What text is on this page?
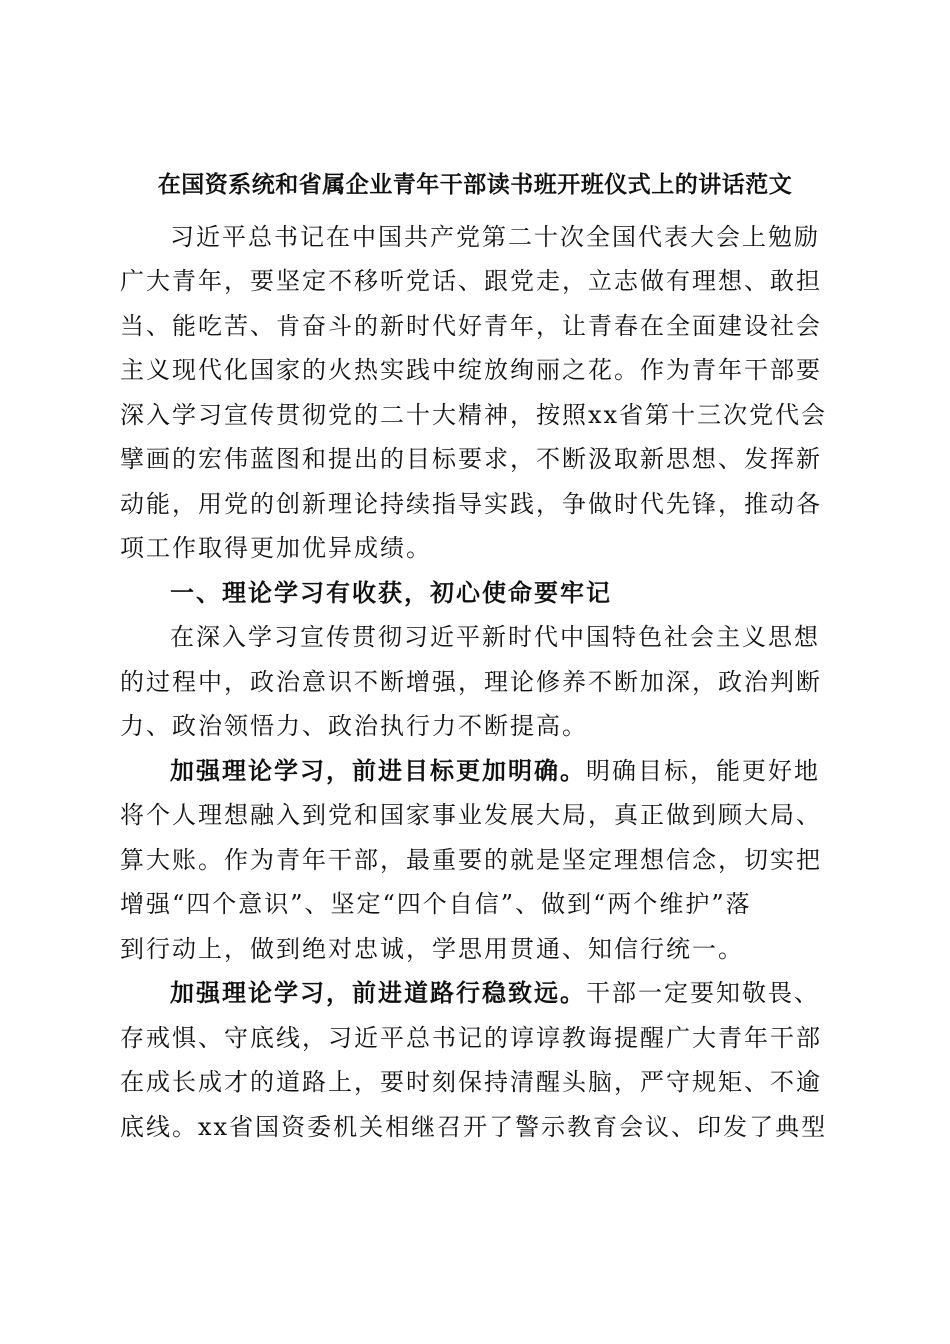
在国资系统和省属企业青年干部读书班开班仪式上的讲话范文
习近平总书记在中国共产党第二十次全国代表大会上勉励
广大青年，要坚定不移听党话、跟党走，立志做有理想、敢担
当、能吃苦、肯奋斗的新时代好青年，让青春在全面建设社会
主义现代化国家的火热实践中绽放绚丽之花。作为青年干部要
深入学习宣传贯彻党的二十大精神，按照xx省第十三次党代会
擘画的宏伟蓝图和提出的目标要求，不断汲取新思想、发挥新
动能，用党的创新理论持续指导实践，争做时代先锋，推动各
项工作取得更加优异成绩。
一、理论学习有收获，初心使命要牢记
在深入学习宣传贯彻习近平新时代中国特色社会主义思想
的过程中，政治意识不断增强，理论修养不断加深，政治判断
力、政治领悟力、政治执行力不断提高。
加强理论学习，前进目标更加明确。明确目标，能更好地
将个人理想融入到党和国家事业发展大局，真正做到顾大局、
算大账。作为青年干部，最重要的就是坚定理想信念，切实把
增强“四个意识”、坚定“四个自信”、做到“两个维护”落
到行动上，做到绝对忠诚，学思用贯通、知信行统一。
加强理论学习，前进道路行稳致远。干部一定要知敬畏、
存戒惧、守底线，习近平总书记的谆谆教诲提醒广大青年干部
在成长成才的道路上，要时刻保持清醒头脑，严守规矩、不逾
底线。xx省国资委机关相继召开了警示教育会议、印发了典型
